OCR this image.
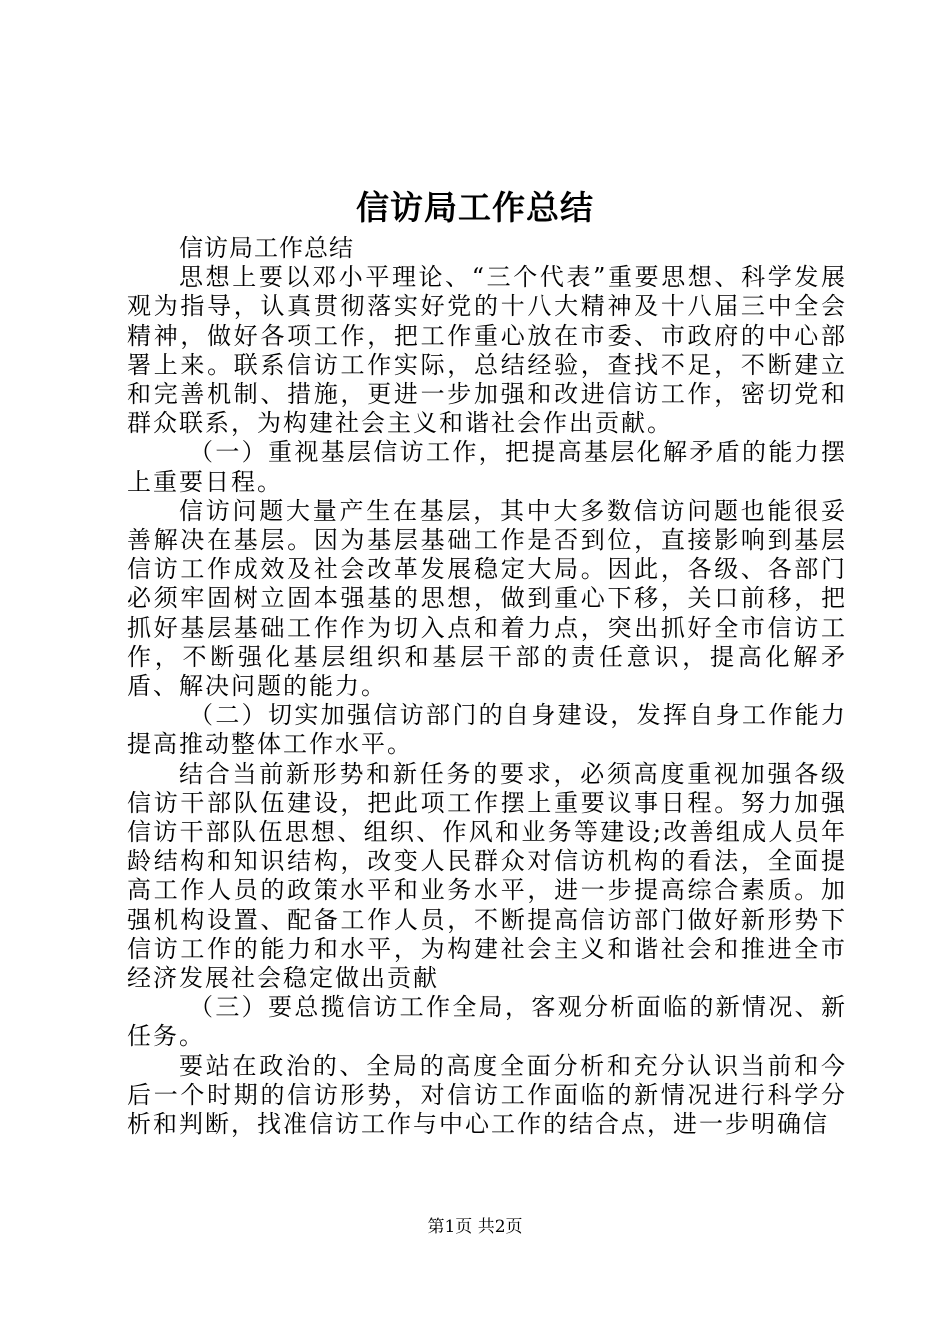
信访局工作总结

信访局工作总结

思想上要以邓小平理论、“三个代表”重要思想、科学发展观为指导，认真贯彻落实好党的十八大精神及十八届三中全会精神，做好各项工作，把工作重心放在市委、市政府的中心部署上来。联系信访工作实际，总结经验，查找不足，不断建立和完善机制、措施，更进一步加强和改进信访工作，密切党和群众联系，为构建社会主义和谐社会作出贡献。

（一）重视基层信访工作，把提高基层化解矛盾的能力摆上重要日程。

信访问题大量产生在基层，其中大多数信访问题也能很妥善解决在基层。因为基层基础工作是否到位，直接影响到基层信访工作成效及社会改革发展稳定大局。因此，各级、各部门必须牢固树立固本强基的思想，做到重心下移，关口前移，把抓好基层基础工作作为切入点和着力点，突出抓好全市信访工作，不断强化基层组织和基层干部的责任意识，提高化解矛盾、解决问题的能力。

（二）切实加强信访部门的自身建设，发挥自身工作能力提高推动整体工作水平。

结合当前新形势和新任务的要求，必须高度重视加强各级信访干部队伍建设，把此项工作摆上重要议事日程。努力加强信访干部队伍思想、组织、作风和业务等建设;改善组成人员年龄结构和知识结构，改变人民群众对信访机构的看法，全面提高工作人员的政策水平和业务水平，进一步提高综合素质。加强机构设置、配备工作人员，不断提高信访部门做好新形势下信访工作的能力和水平，为构建社会主义和谐社会和推进全市经济发展社会稳定做出贡献

（三）要总揽信访工作全局，客观分析面临的新情况、新任务。

要站在政治的、全局的高度全面分析和充分认识当前和今后一个时期的信访形势，对信访工作面临的新情况进行科学分析和判断，找准信访工作与中心工作的结合点，进一步明确信

第1页 共2页
